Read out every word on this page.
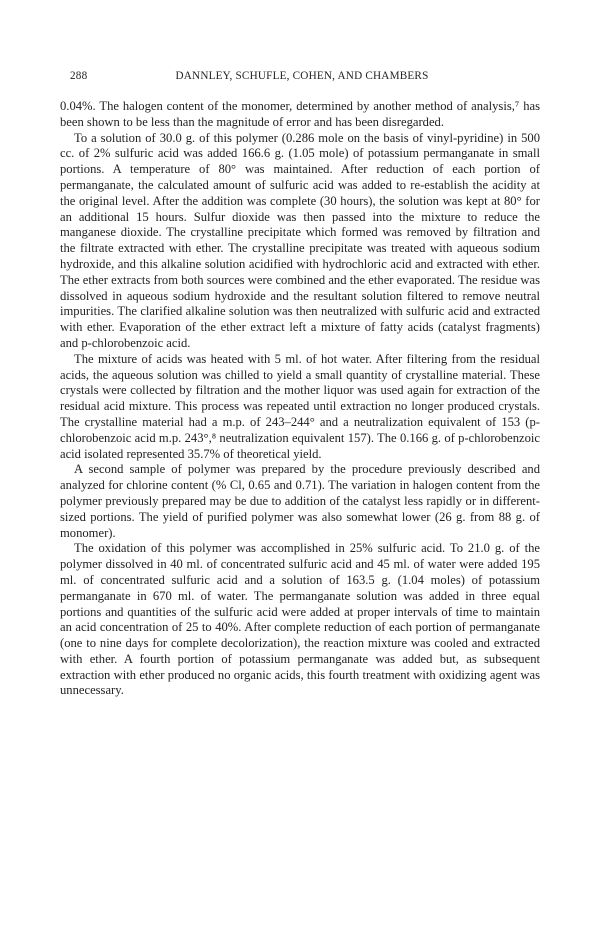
288	DANNLEY, SCHUFLE, COHEN, AND CHAMBERS

0.04%. The halogen content of the monomer, determined by another method of analysis,⁷ has been shown to be less than the magnitude of error and has been disregarded.

To a solution of 30.0 g. of this polymer (0.286 mole on the basis of vinyl-pyridine) in 500 cc. of 2% sulfuric acid was added 166.6 g. (1.05 mole) of potassium permanganate in small portions. A temperature of 80° was maintained. After reduction of each portion of permanganate, the calculated amount of sulfuric acid was added to re-establish the acidity at the original level. After the addition was complete (30 hours), the solution was kept at 80° for an additional 15 hours. Sulfur dioxide was then passed into the mixture to reduce the manganese dioxide. The crystalline precipitate which formed was removed by filtration and the filtrate extracted with ether. The crystalline precipitate was treated with aqueous sodium hydroxide, and this alkaline solution acidified with hydrochloric acid and extracted with ether. The ether extracts from both sources were combined and the ether evaporated. The residue was dissolved in aqueous sodium hydroxide and the resultant solution filtered to remove neutral impurities. The clarified alkaline solution was then neutralized with sulfuric acid and extracted with ether. Evaporation of the ether extract left a mixture of fatty acids (catalyst fragments) and p-chlorobenzoic acid.

The mixture of acids was heated with 5 ml. of hot water. After filtering from the residual acids, the aqueous solution was chilled to yield a small quantity of crystalline material. These crystals were collected by filtration and the mother liquor was used again for extraction of the residual acid mixture. This process was repeated until extraction no longer produced crystals. The crystalline material had a m.p. of 243–244° and a neutralization equivalent of 153 (p-chlorobenzoic acid m.p. 243°,⁸ neutralization equivalent 157). The 0.166 g. of p-chlorobenzoic acid isolated represented 35.7% of theoretical yield.

A second sample of polymer was prepared by the procedure previously described and analyzed for chlorine content (% Cl, 0.65 and 0.71). The variation in halogen content from the polymer previously prepared may be due to addition of the catalyst less rapidly or in different-sized portions. The yield of purified polymer was also somewhat lower (26 g. from 88 g. of monomer).

The oxidation of this polymer was accomplished in 25% sulfuric acid. To 21.0 g. of the polymer dissolved in 40 ml. of concentrated sulfuric acid and 45 ml. of water were added 195 ml. of concentrated sulfuric acid and a solution of 163.5 g. (1.04 moles) of potassium permanganate in 670 ml. of water. The permanganate solution was added in three equal portions and quantities of the sulfuric acid were added at proper intervals of time to maintain an acid concentration of 25 to 40%. After complete reduction of each portion of permanganate (one to nine days for complete decolorization), the reaction mixture was cooled and extracted with ether. A fourth portion of potassium permanganate was added but, as subsequent extraction with ether produced no organic acids, this fourth treatment with oxidizing agent was unnecessary.
